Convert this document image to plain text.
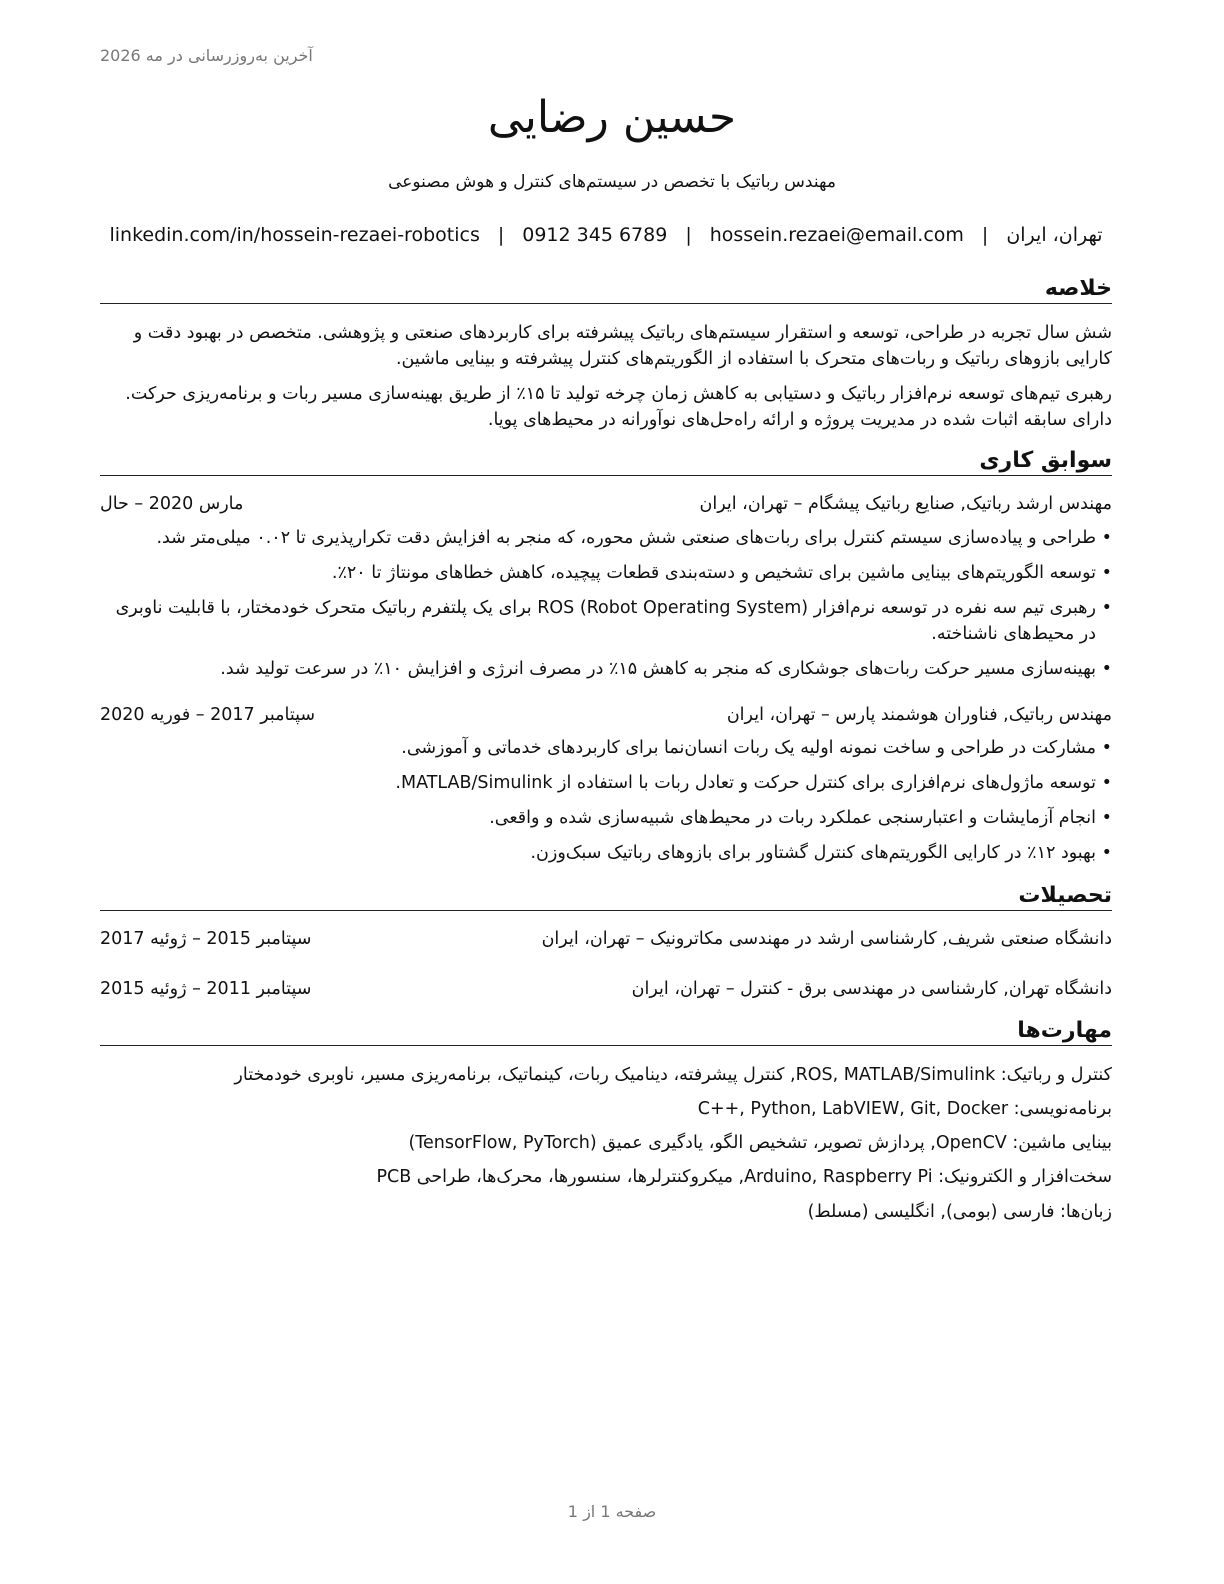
آخرین به‌روزرسانی در مه 2026
حسین رضایی
مهندس رباتیک با تخصص در سیستم‌های کنترل و هوش مصنوعی
تهران، ایران
|
hossein.rezaei@email.com
|
0912 345 6789
|
linkedin.com/in/hossein-rezaei-robotics
خلاصه

شش سال تجربه در طراحی، توسعه و استقرار سیستم‌های رباتیک پیشرفته برای کاربردهای صنعتی و پژوهشی. متخصص در بهبود دقت و کارایی بازوهای رباتیک و ربات‌های متحرک با استفاده از الگوریتم‌های کنترل پیشرفته و بینایی ماشین.

رهبری تیم‌های توسعه نرم‌افزار رباتیک و دستیابی به کاهش زمان چرخه تولید تا ۱۵٪ از طریق بهینه‌سازی مسیر ربات و برنامه‌ریزی حرکت. دارای سابقه اثبات شده در مدیریت پروژه و ارائه راه‌حل‌های نوآورانه در محیط‌های پویا.

سوابق کاری
مهندس ارشد رباتیک, صنایع رباتیک پیشگام – تهران، ایران
مارس 2020 – حال
• طراحی و پیاده‌سازی سیستم کنترل برای ربات‌های صنعتی شش محوره، که منجر به افزایش دقت تکرارپذیری تا ۰.۰۲ میلی‌متر شد.
• توسعه الگوریتم‌های بینایی ماشین برای تشخیص و دسته‌بندی قطعات پیچیده، کاهش خطاهای مونتاژ تا ۲۰٪.
• رهبری تیم سه نفره در توسعه نرم‌افزار ROS (Robot Operating System) برای یک پلتفرم رباتیک متحرک خودمختار، با قابلیت ناوبری در محیط‌های ناشناخته.
• بهینه‌سازی مسیر حرکت ربات‌های جوشکاری که منجر به کاهش ۱۵٪ در مصرف انرژی و افزایش ۱۰٪ در سرعت تولید شد.
مهندس رباتیک, فناوران هوشمند پارس – تهران، ایران
سپتامبر 2017 – فوریه 2020
• مشارکت در طراحی و ساخت نمونه اولیه یک ربات انسان‌نما برای کاربردهای خدماتی و آموزشی.
• توسعه ماژول‌های نرم‌افزاری برای کنترل حرکت و تعادل ربات با استفاده از MATLAB/Simulink.
• انجام آزمایشات و اعتبارسنجی عملکرد ربات در محیط‌های شبیه‌سازی شده و واقعی.
• بهبود ۱۲٪ در کارایی الگوریتم‌های کنترل گشتاور برای بازوهای رباتیک سبک‌وزن.
تحصیلات
دانشگاه صنعتی شریف, کارشناسی ارشد در مهندسی مکاترونیک – تهران، ایران
سپتامبر 2015 – ژوئیه 2017
دانشگاه تهران, کارشناسی در مهندسی برق - کنترل – تهران، ایران
سپتامبر 2011 – ژوئیه 2015
مهارت‌ها
کنترل و رباتیک: ROS, MATLAB/Simulink, کنترل پیشرفته، دینامیک ربات، کینماتیک، برنامه‌ریزی مسیر، ناوبری خودمختار
برنامه‌نویسی: C++, Python, LabVIEW, Git, Docker
بینایی ماشین: OpenCV, پردازش تصویر، تشخیص الگو، یادگیری عمیق (TensorFlow, PyTorch)
سخت‌افزار و الکترونیک: Arduino, Raspberry Pi, میکروکنترلرها، سنسورها، محرک‌ها، طراحی PCB
زبان‌ها: فارسی (بومی), انگلیسی (مسلط)
صفحه 1 از 1
